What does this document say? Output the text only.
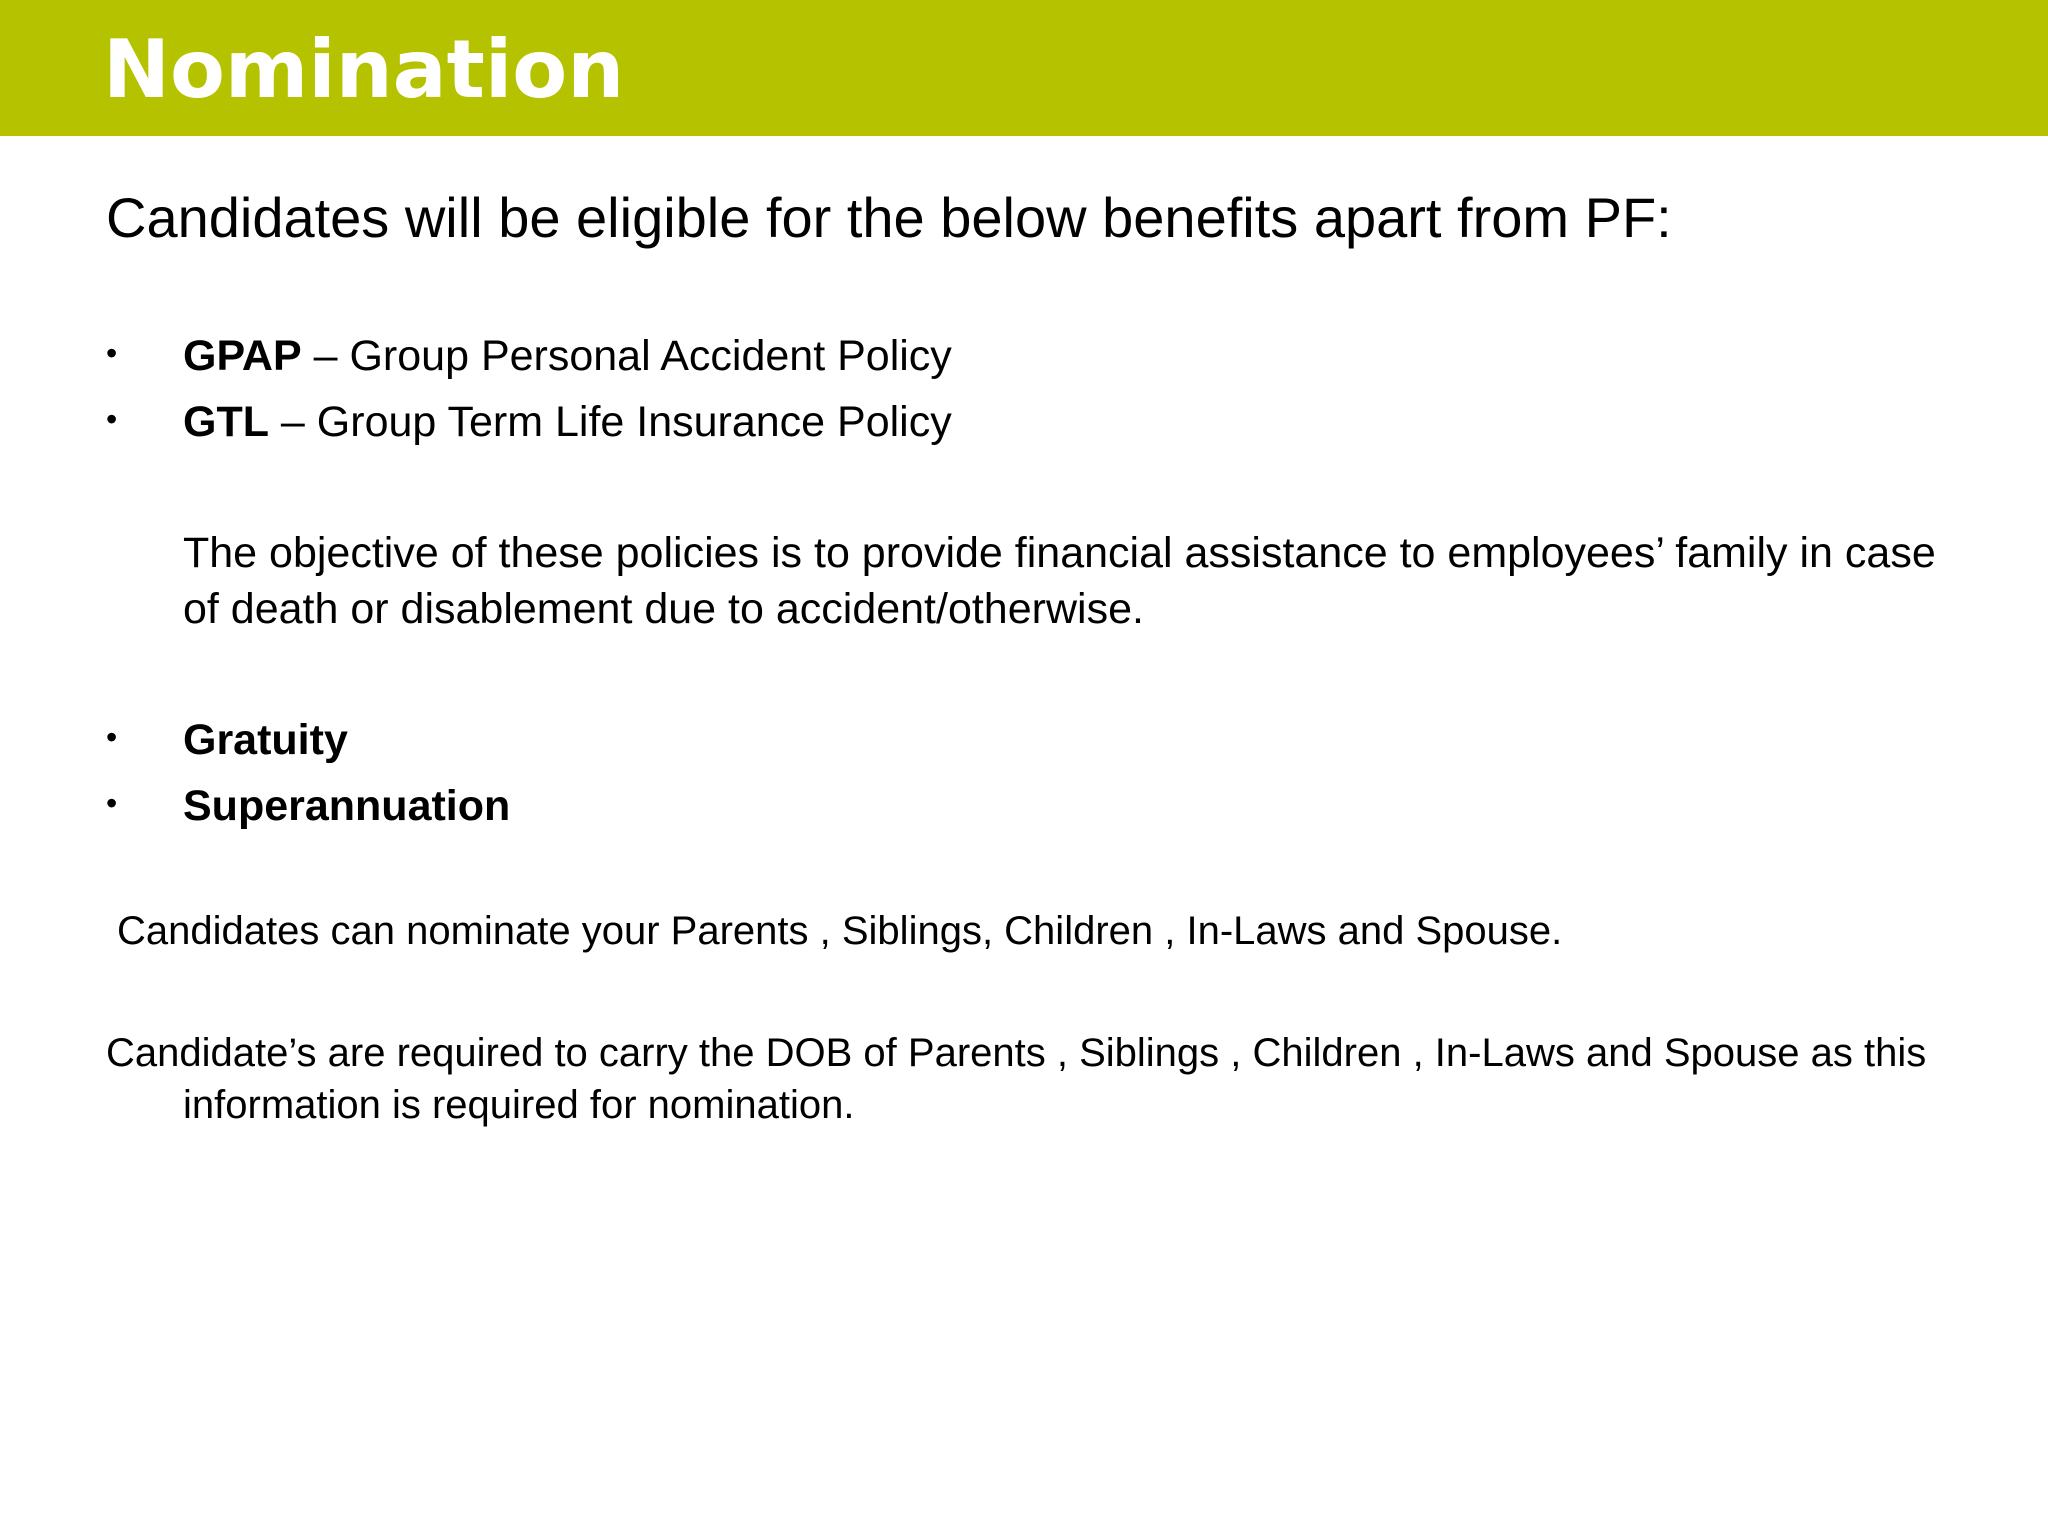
Nomination

Candidates will be eligible for the below benefits apart from PF:

• GPAP – Group Personal Accident Policy
• GTL – Group Term Life Insurance Policy

The objective of these policies is to provide financial assistance to employees’ family in case of death or disablement due to accident/otherwise.

• Gratuity
• Superannuation

Candidates can nominate your Parents , Siblings, Children , In-Laws and Spouse.

Candidate’s are required to carry the DOB of Parents , Siblings , Children , In-Laws and Spouse as this information is required for nomination.
